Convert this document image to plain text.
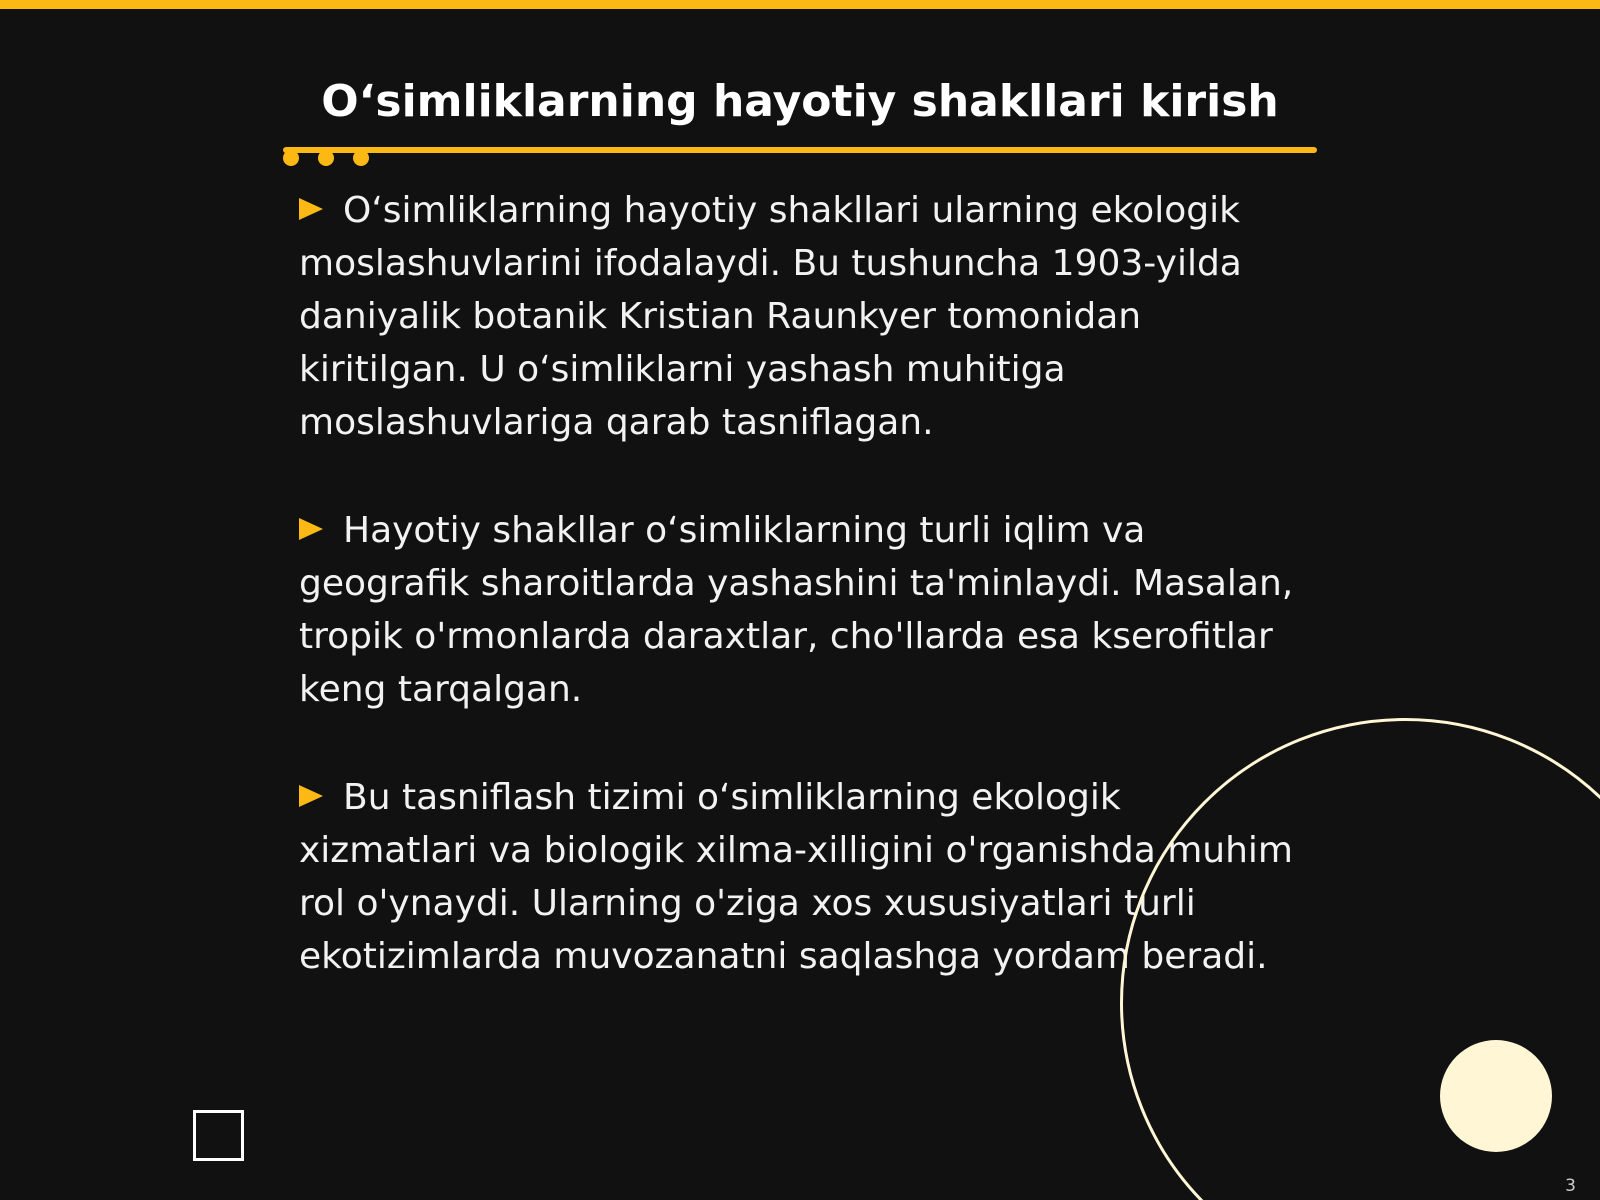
O‘simliklarning hayotiy shakllari kirish
O‘simliklarning hayotiy shakllari ularning ekologik moslashuvlarini ifodalaydi. Bu tushuncha 1903-yilda daniyalik botanik Kristian Raunkyer tomonidan kiritilgan. U o‘simliklarni yashash muhitiga moslashuvlariga qarab tasniflagan.
Hayotiy shakllar o‘simliklarning turli iqlim va geografik sharoitlarda yashashini ta'minlaydi. Masalan, tropik o'rmonlarda daraxtlar, cho'llarda esa kserofitlar keng tarqalgan.
Bu tasniflash tizimi o‘simliklarning ekologik xizmatlari va biologik xilma-xilligini o'rganishda muhim rol o'ynaydi. Ularning o'ziga xos xususiyatlari turli ekotizimlarda muvozanatni saqlashga yordam beradi.
3
